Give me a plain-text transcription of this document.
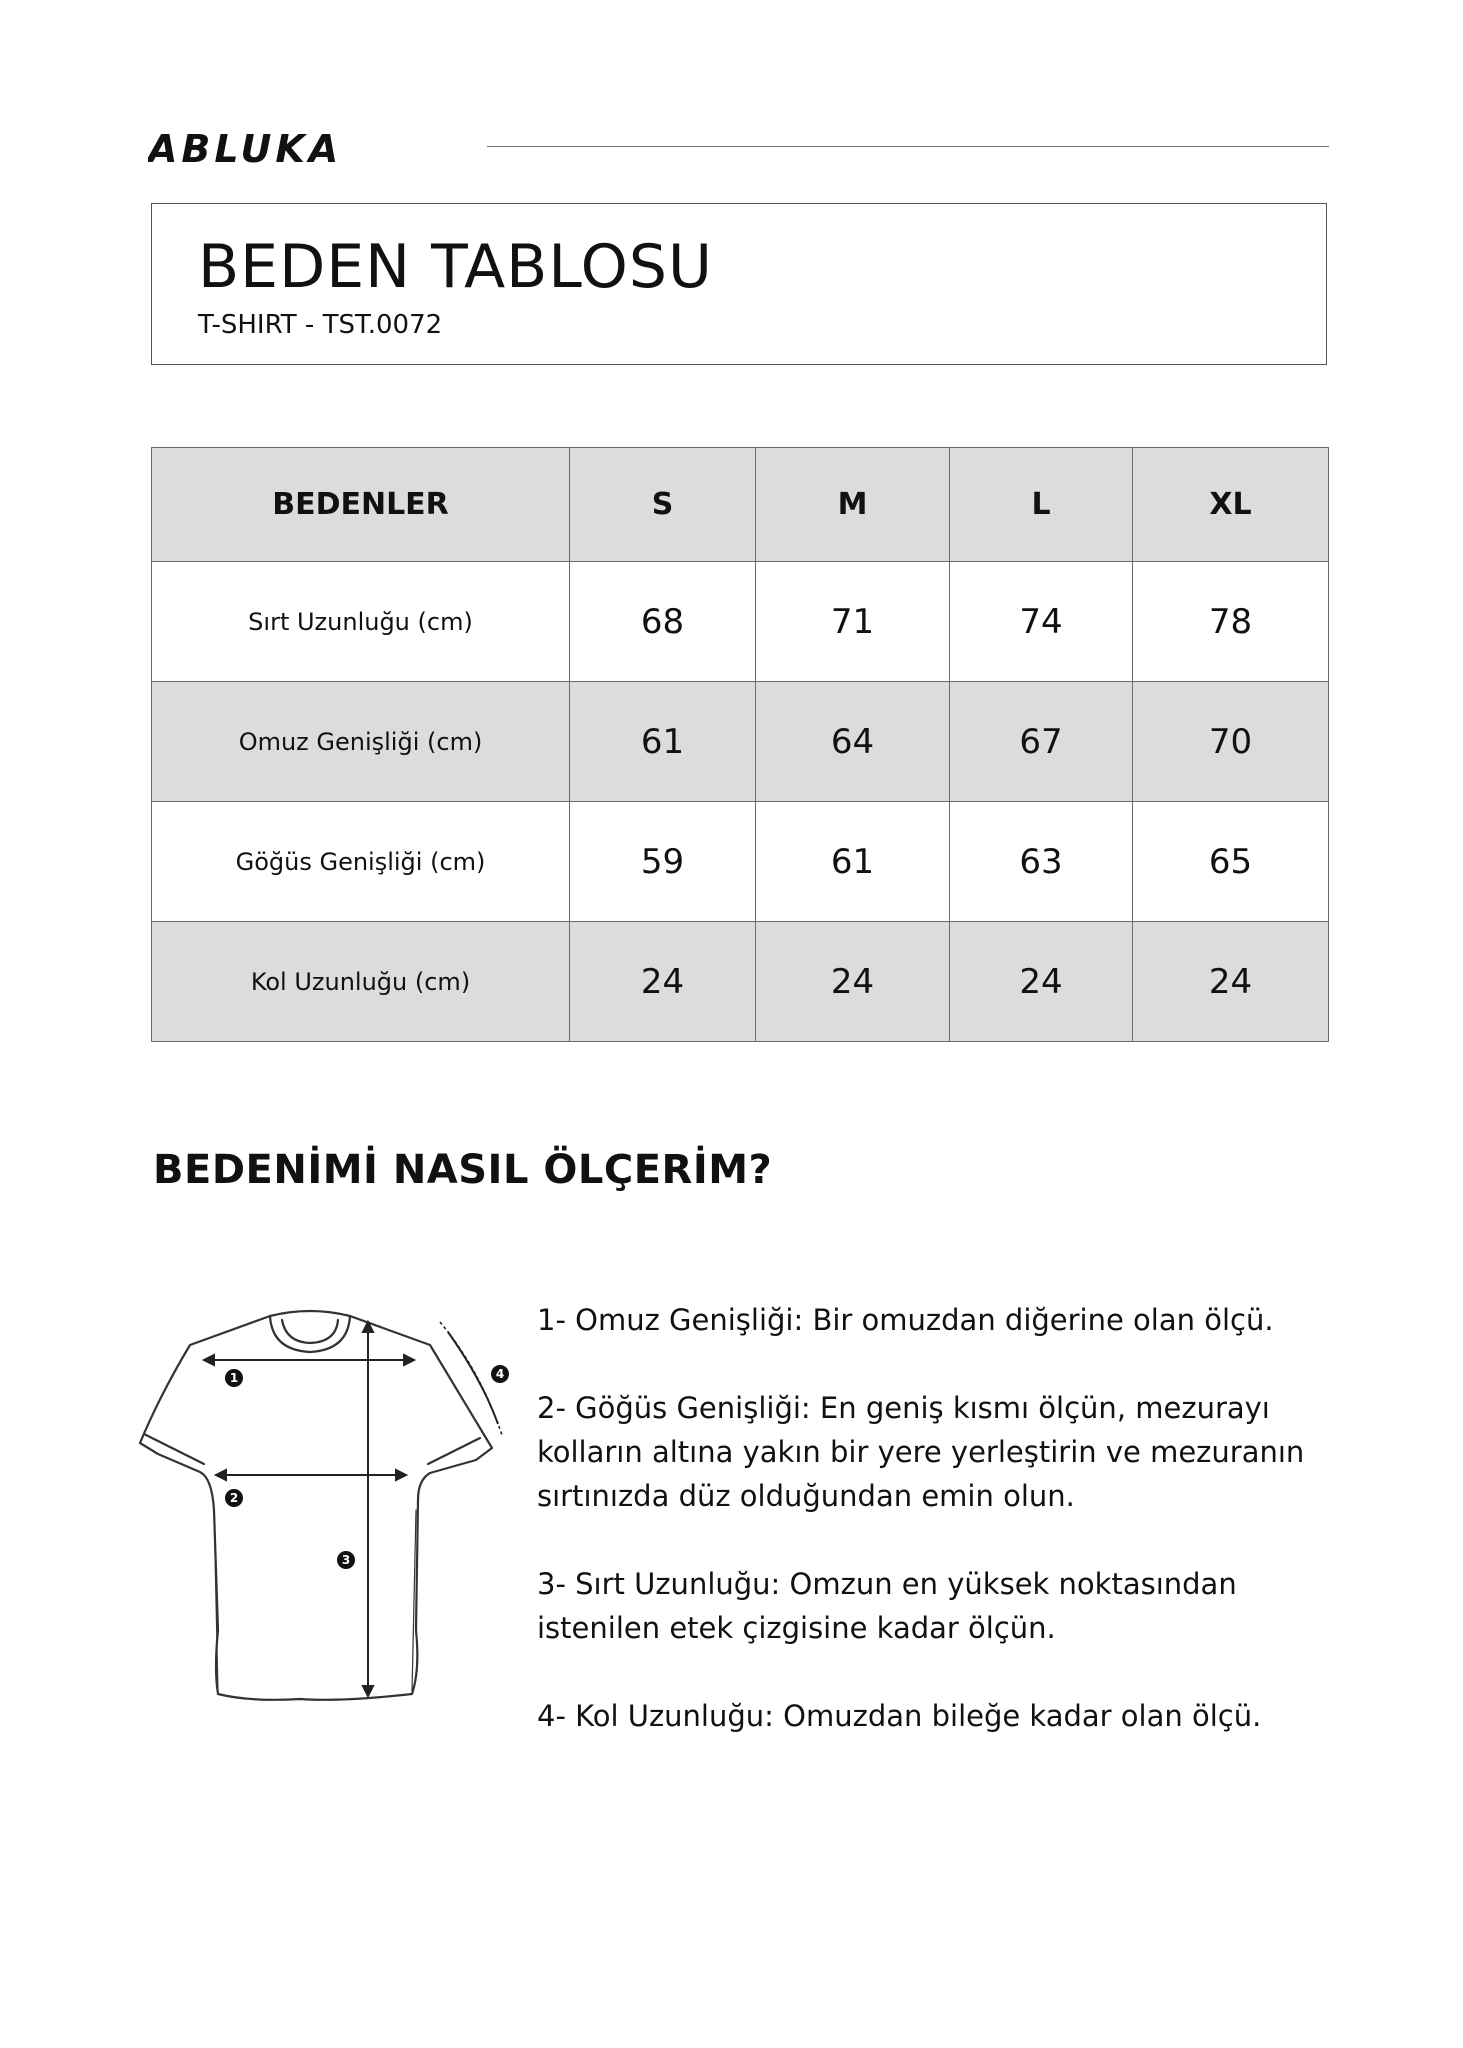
ABLUKA
BEDEN TABLOSU
T-SHIRT - TST.0072
BEDENLER	S	M	L	XL
Sırt Uzunluğu (cm)	68	71	74	78
Omuz Genişliği (cm)	61	64	67	70
Göğüs Genişliği (cm)	59	61	63	65
Kol Uzunluğu (cm)	24	24	24	24
BEDENİMİ NASIL ÖLÇERİM?
1
2
3
4

1- Omuz Genişliği: Bir omuzdan diğerine olan ölçü.

2- Göğüs Genişliği: En geniş kısmı ölçün, mezurayı kolların altına yakın bir yere yerleştirin ve mezuranın sırtınızda düz olduğundan emin olun.

3- Sırt Uzunluğu: Omzun en yüksek noktasından istenilen etek çizgisine kadar ölçün.

4- Kol Uzunluğu: Omuzdan bileğe kadar olan ölçü.
